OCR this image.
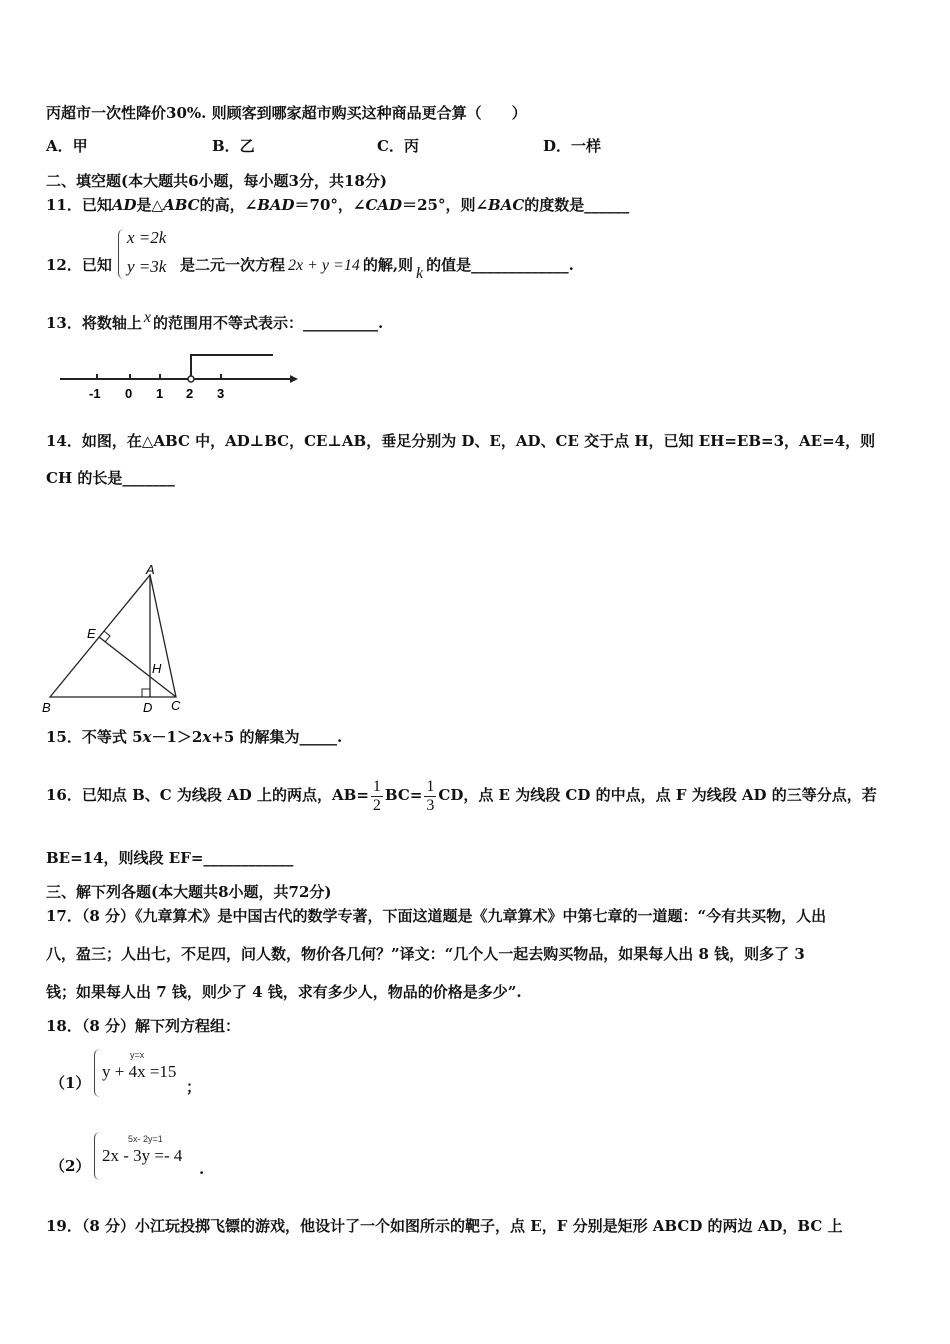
丙超市一次性降价30%. 则顾客到哪家超市购买这种商品更合算（　　）
A．甲	B．乙	C．丙	D．一样
二、填空题(本大题共6小题，每小题3分，共18分)
11．已知AD是△ABC的高，∠BAD＝70°，∠CAD＝25°，则∠BAC的度数是______
12．已知
x =2k
y =3k 是二元一次方程 2x + y =14 的解,则 k 的值是_____________.
13．将数轴上 x 的范围用不等式表示：__________.
-1 0 1 2 3
14．如图，在△ABC 中，AD⊥BC，CE⊥AB，垂足分别为 D、E，AD、CE 交于点 H，已知 EH=EB=3，AE=4，则
CH 的长是_______
A
B	C
D
E
H
15．不等式 5x－1＞2x+5 的解集为_____.
16．已知点 B、C 为线段 AD 上的两点，$AB= \frac{1}{2} BC= \frac{1}{3}$ CD，点 E 为线段 CD 的中点，点 F 为线段 AD 的三等分点，若
BE=14，则线段 EF=____________
三、解下列各题(本大题共8小题，共72分)
17．（8 分）《九章算术》是中国古代的数学专著，下面这道题是《九章算术》中第七章的一道题：“今有共买物，人出
八，盈三；人出七，不足四，问人数，物价各几何？”译文：“几个人一起去购买物品，如果每人出 8 钱，则多了 3
钱；如果每人出 7 钱，则少了 4 钱，求有多少人，物品的价格是多少”.
18．（8 分）解下列方程组：
（1）
y=x
y + 4x =15
；
（2）
5x- 2y=1
2x - 3y =- 4
.
19．（8 分）小江玩投掷飞镖的游戏，他设计了一个如图所示的靶子，点 E，F 分别是矩形 ABCD 的两边 AD，BC 上
